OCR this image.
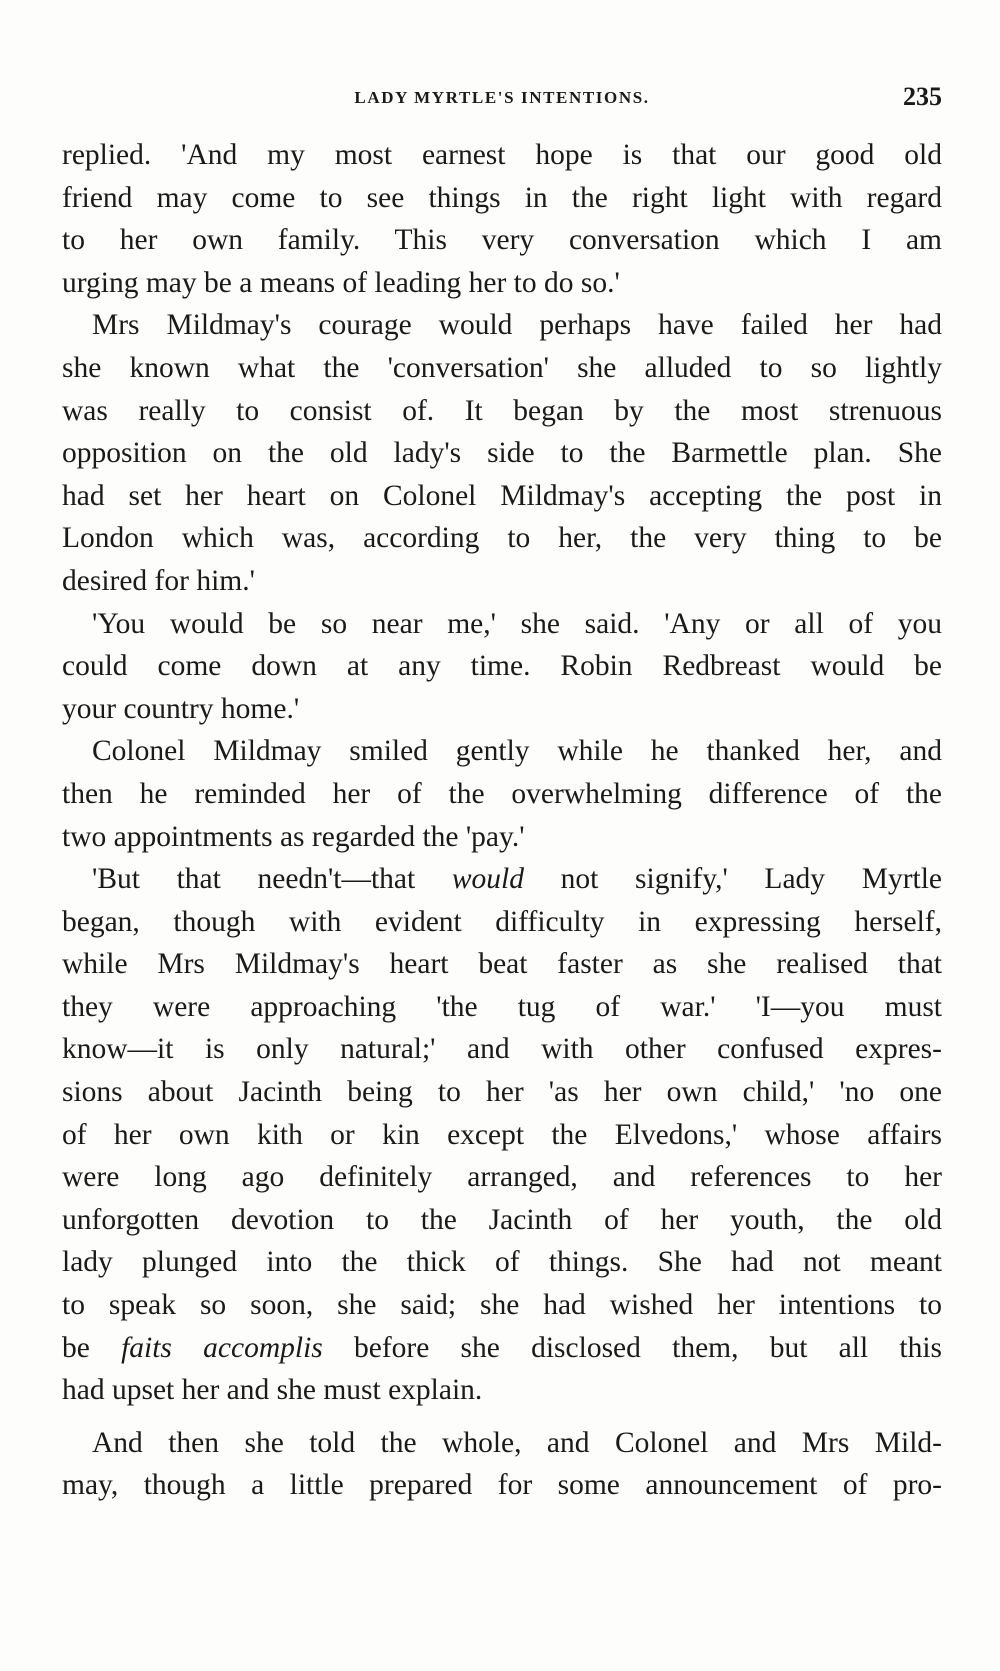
LADY MYRTLE'S INTENTIONS.	235
replied. 'And my most earnest hope is that our good old
friend may come to see things in the right light with regard
to her own family. This very conversation which I am
urging may be a means of leading her to do so.'
Mrs Mildmay's courage would perhaps have failed her had
she known what the 'conversation' she alluded to so lightly
was really to consist of. It began by the most strenuous
opposition on the old lady's side to the Barmettle plan. She
had set her heart on Colonel Mildmay's accepting the post in
London which was, according to her, the very thing to be
desired for him.'
'You would be so near me,' she said. 'Any or all of you
could come down at any time. Robin Redbreast would be
your country home.'
Colonel Mildmay smiled gently while he thanked her, and
then he reminded her of the overwhelming difference of the
two appointments as regarded the 'pay.'
'But that needn't—that would not signify,' Lady Myrtle
began, though with evident difficulty in expressing herself,
while Mrs Mildmay's heart beat faster as she realised that
they were approaching 'the tug of war.' 'I—you must
know—it is only natural;' and with other confused expres-
sions about Jacinth being to her 'as her own child,' 'no one
of her own kith or kin except the Elvedons,' whose affairs
were long ago definitely arranged, and references to her
unforgotten devotion to the Jacinth of her youth, the old
lady plunged into the thick of things. She had not meant
to speak so soon, she said; she had wished her intentions to
be faits accomplis before she disclosed them, but all this
had upset her and she must explain.
And then she told the whole, and Colonel and Mrs Mild-
may, though a little prepared for some announcement of pro-
